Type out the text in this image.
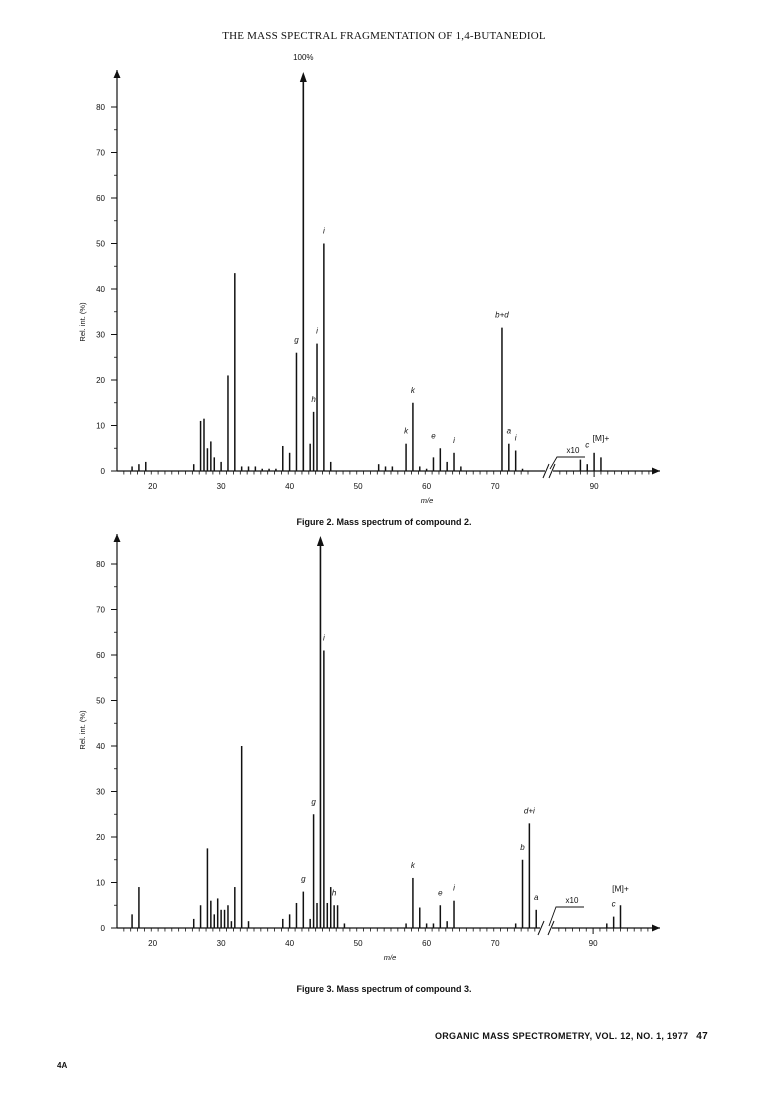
THE MASS SPECTRAL FRAGMENTATION OF 1,4-BUTANEDIOL
0
10
20
30
40
50
60
70
80
Rel. int. (%)
20	30	40	50	60	70	90
m/e
i
g
i
h
k
k
e
i
b+d
a
i
c
[M]+
100%
x10
Figure 2. Mass spectrum of compound 2.
0
10
20
30
40
50
60
70
80
Rel. int. (%)
20	30	40	50	60	70	90
m/e
i
g
g
h
k
e
i
b
d+i
a
c
[M]+
x10
Figure 3. Mass spectrum of compound 3.
ORGANIC MASS SPECTROMETRY, VOL. 12, NO. 1, 1977 47
4A
